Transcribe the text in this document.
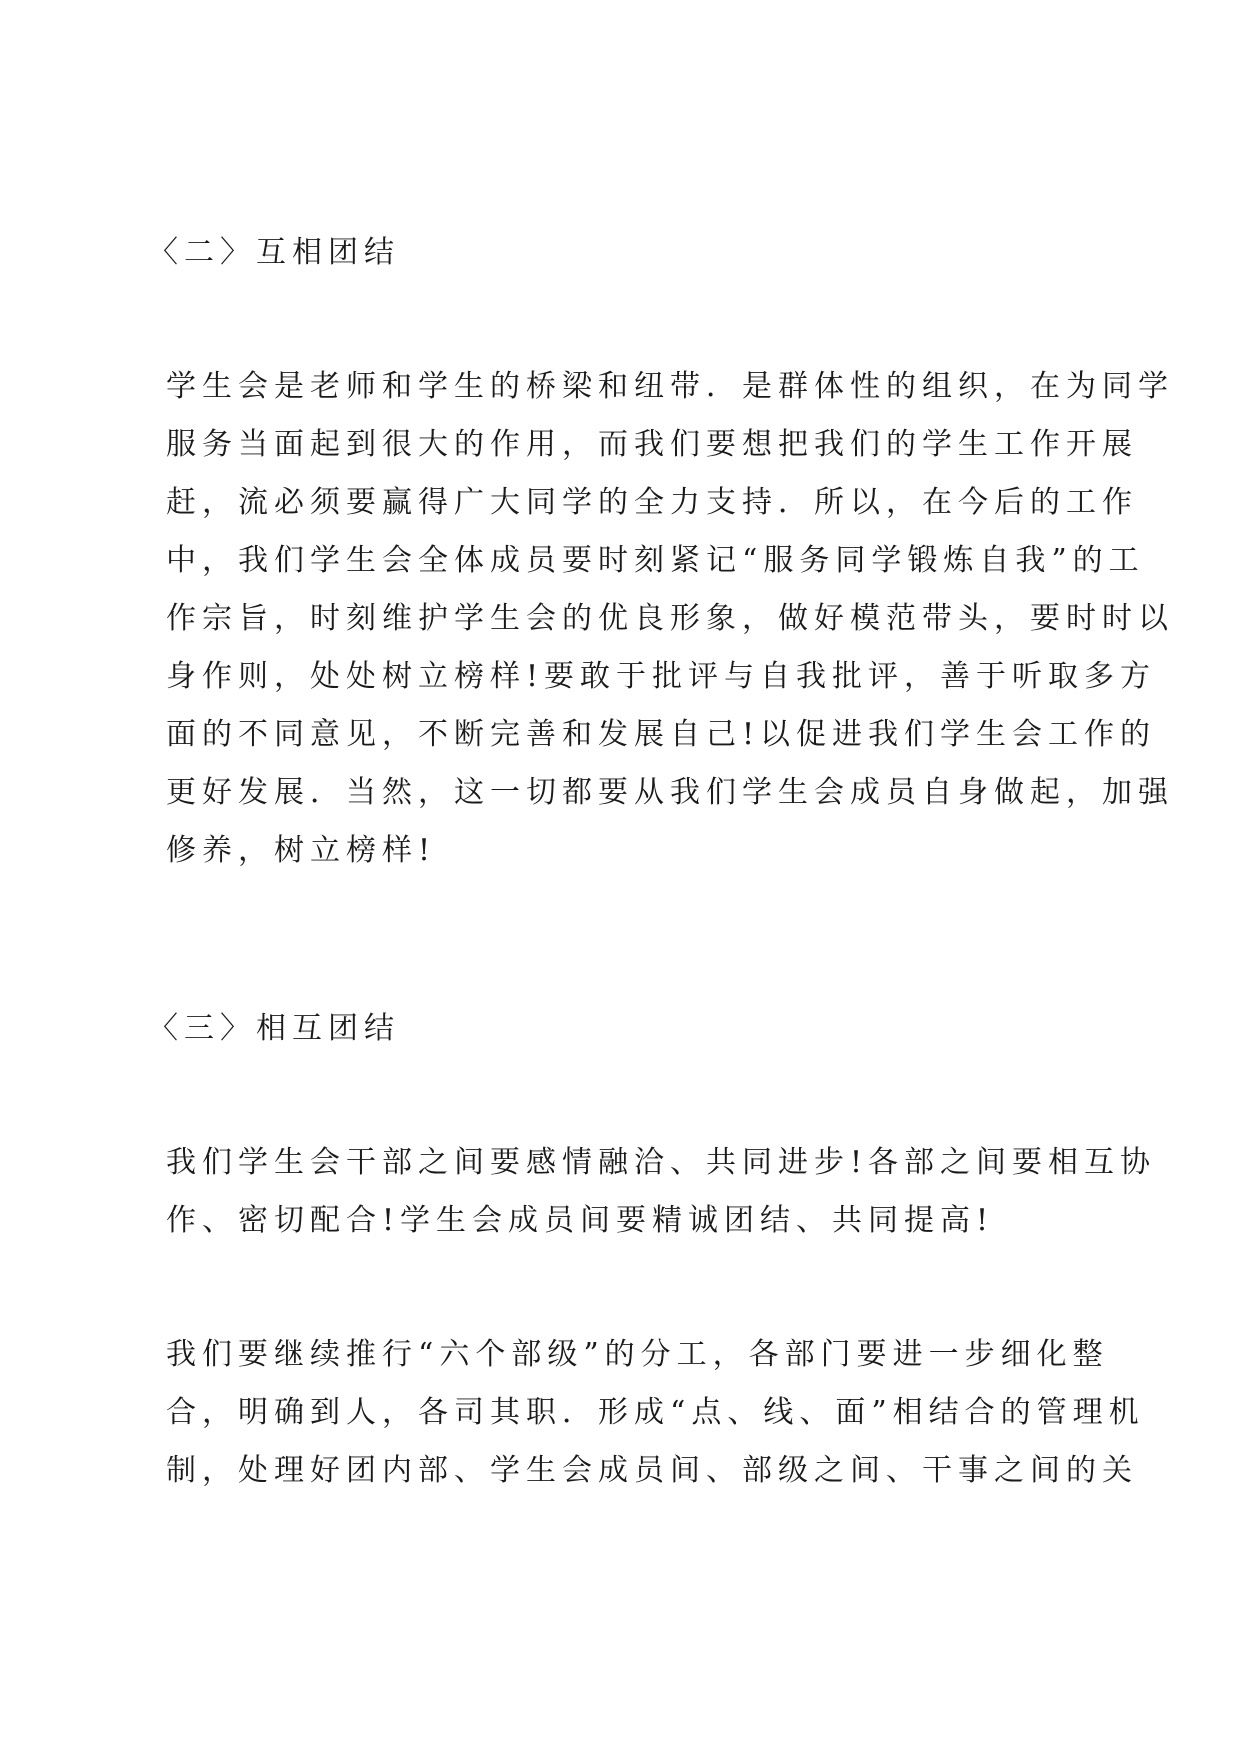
〈二〉互相团结
学生会是老师和学生的桥梁和纽带．是群体性的组织，在为同学
服务当面起到很大的作用，而我们要想把我们的学生工作开展
赶，流必须要赢得广大同学的全力支持．所以，在今后的工作
中，我们学生会全体成员要时刻紧记“服务同学锻炼自我”的工
作宗旨，时刻维护学生会的优良形象，做好模范带头，要时时以
身作则，处处树立榜样!要敢于批评与自我批评，善于听取多方
面的不同意见，不断完善和发展自己!以促进我们学生会工作的
更好发展．当然，这一切都要从我们学生会成员自身做起，加强
修养，树立榜样!
〈三〉相互团结
我们学生会干部之间要感情融洽、共同进步!各部之间要相互协
作、密切配合!学生会成员间要精诚团结、共同提高!
我们要继续推行“六个部级”的分工，各部门要进一步细化整
合，明确到人，各司其职．形成“点、线、面”相结合的管理机
制，处理好团内部、学生会成员间、部级之间、干事之间的关
